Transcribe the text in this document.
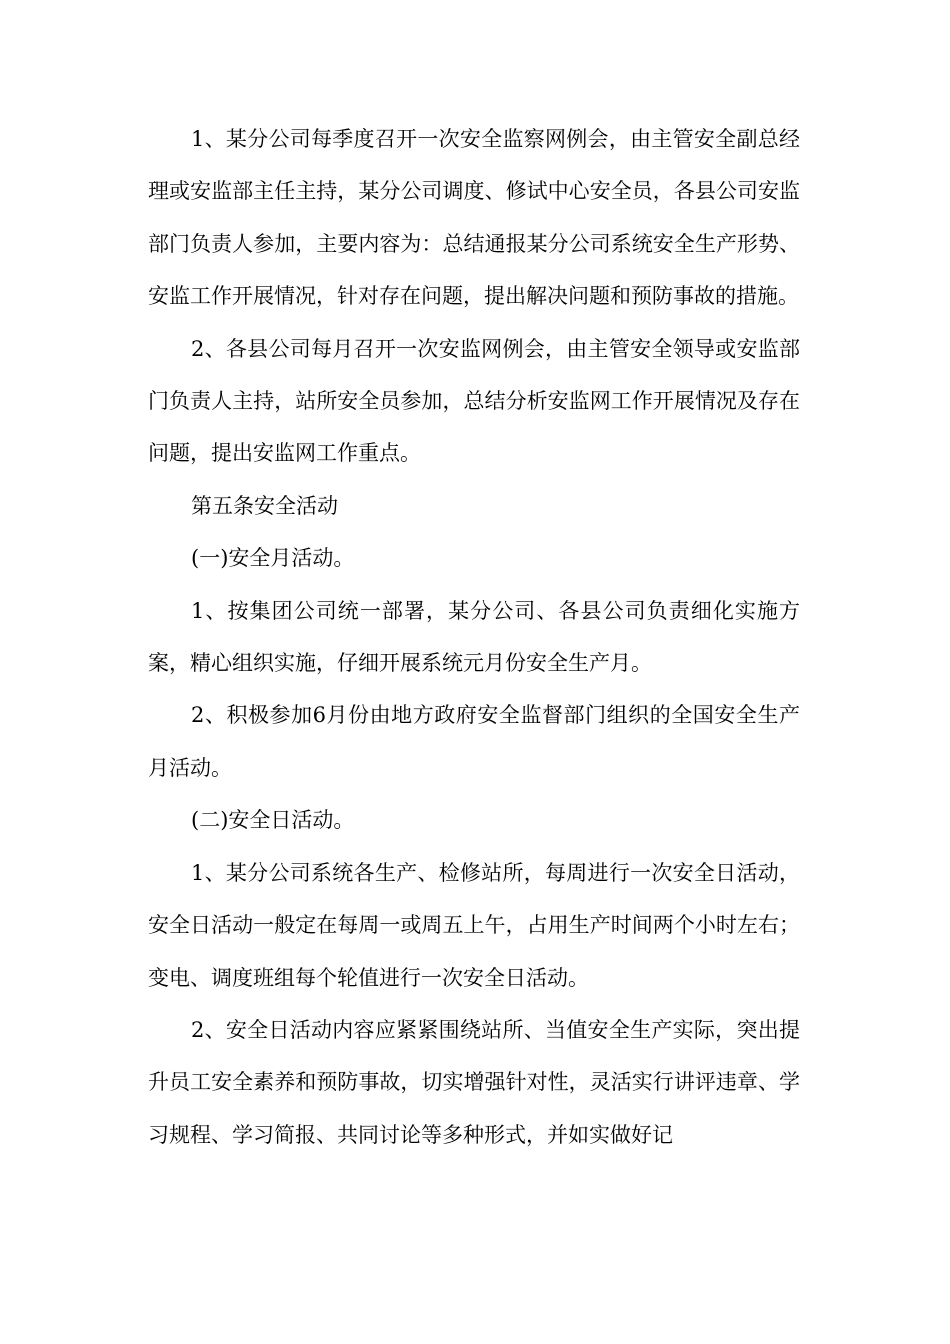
1、某分公司每季度召开一次安全监察网例会，由主管安全副总经理或安监部主任主持，某分公司调度、修试中心安全员，各县公司安监部门负责人参加，主要内容为：总结通报某分公司系统安全生产形势、安监工作开展情况，针对存在问题，提出解决问题和预防事故的措施。

2、各县公司每月召开一次安监网例会，由主管安全领导或安监部门负责人主持，站所安全员参加，总结分析安监网工作开展情况及存在问题，提出安监网工作重点。

第五条安全活动

(一)安全月活动。

1、按集团公司统一部署，某分公司、各县公司负责细化实施方案，精心组织实施，仔细开展系统元月份安全生产月。

2、积极参加6月份由地方政府安全监督部门组织的全国安全生产月活动。

(二)安全日活动。

1、某分公司系统各生产、检修站所，每周进行一次安全日活动，安全日活动一般定在每周一或周五上午，占用生产时间两个小时左右；变电、调度班组每个轮值进行一次安全日活动。

2、安全日活动内容应紧紧围绕站所、当值安全生产实际，突出提升员工安全素养和预防事故，切实增强针对性，灵活实行讲评违章、学习规程、学习简报、共同讨论等多种形式，并如实做好记
